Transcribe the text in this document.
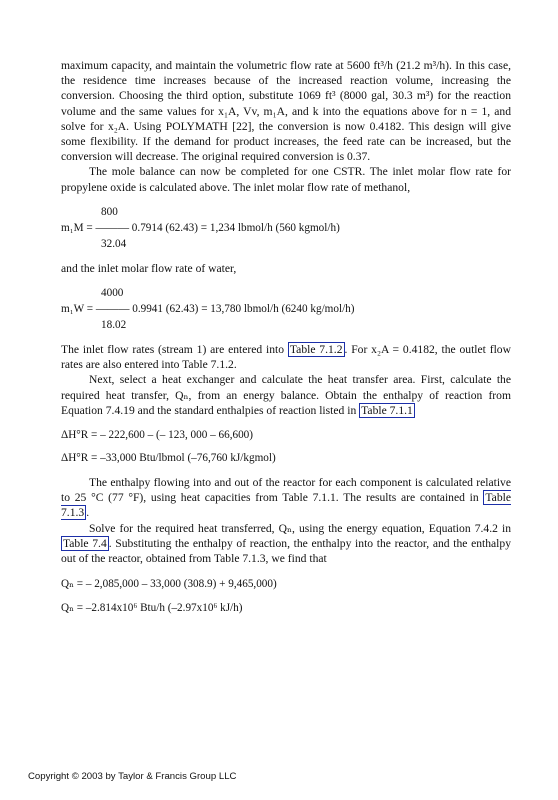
maximum capacity, and maintain the volumetric flow rate at 5600 ft³/h (21.2 m³/h). In this case, the residence time increases because of the increased reaction volume, increasing the conversion. Choosing the third option, substitute 1069 ft³ (8000 gal, 30.3 m³) for the reaction volume and the same values for x₁A, Vv, m₁A, and k into the equations above for n = 1, and solve for x₂A. Using POLYMATH [22], the conversion is now 0.4182. This design will give some flexibility. If the demand for product increases, the feed rate can be increased, but the conversion will decrease. The original required conversion is 0.37.

The mole balance can now be completed for one CSTR. The inlet molar flow rate for propylene oxide is calculated above. The inlet molar flow rate of methanol,

800
m₁M = ——— 0.7914 (62.43) = 1,234 lbmol/h (560 kgmol/h)
32.04

and the inlet molar flow rate of water,

4000
m₁W = ——— 0.9941 (62.43) = 13,780 lbmol/h (6240 kg/mol/h)
18.02

The inlet flow rates (stream 1) are entered into Table 7.1.2 . For x₂A = 0.4182, the outlet flow rates are also entered into Table 7.1.2.

Next, select a heat exchanger and calculate the heat transfer area. First, calculate the required heat transfer, Qₙ, from an energy balance. Obtain the enthalpy of reaction from Equation 7.4.19 and the standard enthalpies of reaction listed in Table 7.1.1

ΔH°R = – 222,600 – (– 123, 000 – 66,600)

ΔH°R = –33,000 Btu/lbmol (–76,760 kJ/kgmol)

The enthalpy flowing into and out of the reactor for each component is calculated relative to 25 °C (77 °F), using heat capacities from Table 7.1.1. The results are contained in Table 7.1.3 .

Solve for the required heat transferred, Qₙ, using the energy equation, Equation 7.4.2 in Table 7.4 . Substituting the enthalpy of reaction, the enthalpy into the reactor, and the enthalpy out of the reactor, obtained from Table 7.1.3, we find that

Qₙ = – 2,085,000 – 33,000 (308.9) + 9,465,000)

Qₙ = –2.814x10⁶ Btu/h (–2.97x10⁶ kJ/h)

Copyright © 2003 by Taylor & Francis Group LLC
